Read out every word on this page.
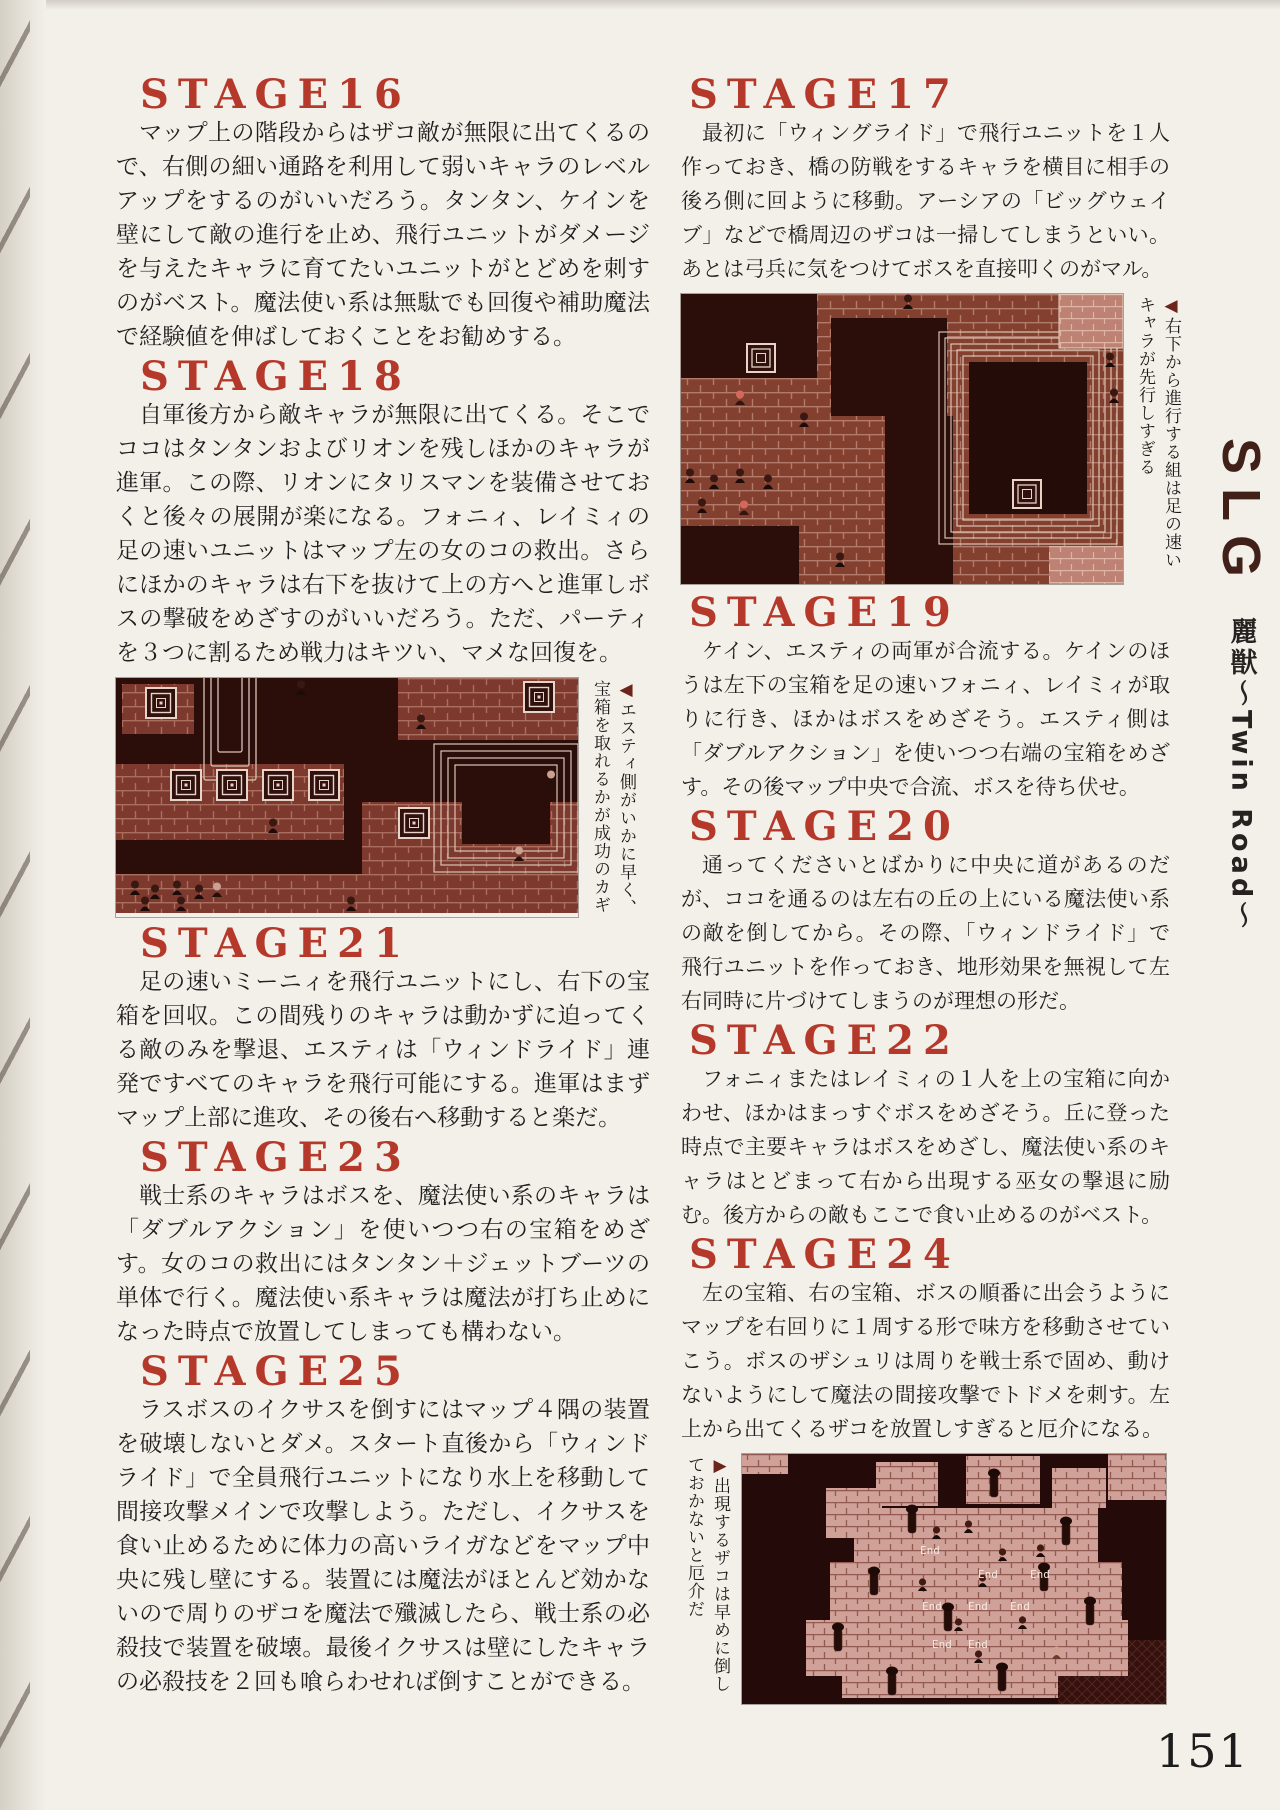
STAGE16

マップ上の階段からはザコ敵が無限に出てくるので、右側の細い通路を利用して弱いキャラのレベルアップをするのがいいだろう。タンタン、ケインを壁にして敵の進行を止め、飛行ユニットがダメージを与えたキャラに育てたいユニットがとどめを刺すのがベスト。魔法使い系は無駄でも回復や補助魔法で経験値を伸ばしておくことをお勧めする。

STAGE18

自軍後方から敵キャラが無限に出てくる。そこでココはタンタンおよびリオンを残しほかのキャラが進軍。この際、リオンにタリスマンを装備させておくと後々の展開が楽になる。フォニィ、レイミィの足の速いユニットはマップ左の女のコの救出。さらにほかのキャラは右下を抜けて上の方へと進軍しボスの撃破をめざすのがいいだろう。ただ、パーティを３つに割るため戦力はキツい、マメな回復を。

◀エスティ側がいかに早く、
宝箱を取れるかが成功のカギ
STAGE21

足の速いミーニィを飛行ユニットにし、右下の宝箱を回収。この間残りのキャラは動かずに迫ってくる敵のみを撃退、エスティは「ウィンドライド」連発ですべてのキャラを飛行可能にする。進軍はまずマップ上部に進攻、その後右へ移動すると楽だ。

STAGE23

戦士系のキャラはボスを、魔法使い系のキャラは「ダブルアクション」を使いつつ右の宝箱をめざす。女のコの救出にはタンタン＋ジェットブーツの単体で行く。魔法使い系キャラは魔法が打ち止めになった時点で放置してしまっても構わない。

STAGE25

ラスボスのイクサスを倒すにはマップ４隅の装置を破壊しないとダメ。スタート直後から「ウィンドライド」で全員飛行ユニットになり水上を移動して間接攻撃メインで攻撃しよう。ただし、イクサスを食い止めるために体力の高いライガなどをマップ中央に残し壁にする。装置には魔法がほとんど効かないので周りのザコを魔法で殲滅したら、戦士系の必殺技で装置を破壊。最後イクサスは壁にしたキャラの必殺技を２回も喰らわせれば倒すことができる。

STAGE17

最初に「ウィングライド」で飛行ユニットを１人作っておき、橋の防戦をするキャラを横目に相手の後ろ側に回ように移動。アーシアの「ビッグウェイブ」などで橋周辺のザコは一掃してしまうといい。あとは弓兵に気をつけてボスを直接叩くのがマル。

◀右下から進行する組は足の速い
キャラが先行しすぎる
STAGE19

ケイン、エスティの両軍が合流する。ケインのほうは左下の宝箱を足の速いフォニィ、レイミィが取りに行き、ほかはボスをめざそう。エスティ側は「ダブルアクション」を使いつつ右端の宝箱をめざす。その後マップ中央で合流、ボスを待ち伏せ。

STAGE20

通ってくださいとばかりに中央に道があるのだが、ココを通るのは左右の丘の上にいる魔法使い系の敵を倒してから。その際、「ウィンドライド」で飛行ユニットを作っておき、地形効果を無視して左右同時に片づけてしまうのが理想の形だ。

STAGE22

フォニィまたはレイミィの１人を上の宝箱に向かわせ、ほかはまっすぐボスをめざそう。丘に登った時点で主要キャラはボスをめざし、魔法使い系のキャラはとどまって右から出現する巫女の撃退に励む。後方からの敵もここで食い止めるのがベスト。

STAGE24

左の宝箱、右の宝箱、ボスの順番に出会うようにマップを右回りに１周する形で味方を移動させていこう。ボスのザシュリは周りを戦士系で固め、動けないようにして魔法の間接攻撃でトドメを刺す。左上から出てくるザコを放置しすぎると厄介になる。

▶出現するザコは早めに倒し
ておかないと厄介だ	End
End	End
End End End
End End
SLG
麗獣～Twin Road～
151
